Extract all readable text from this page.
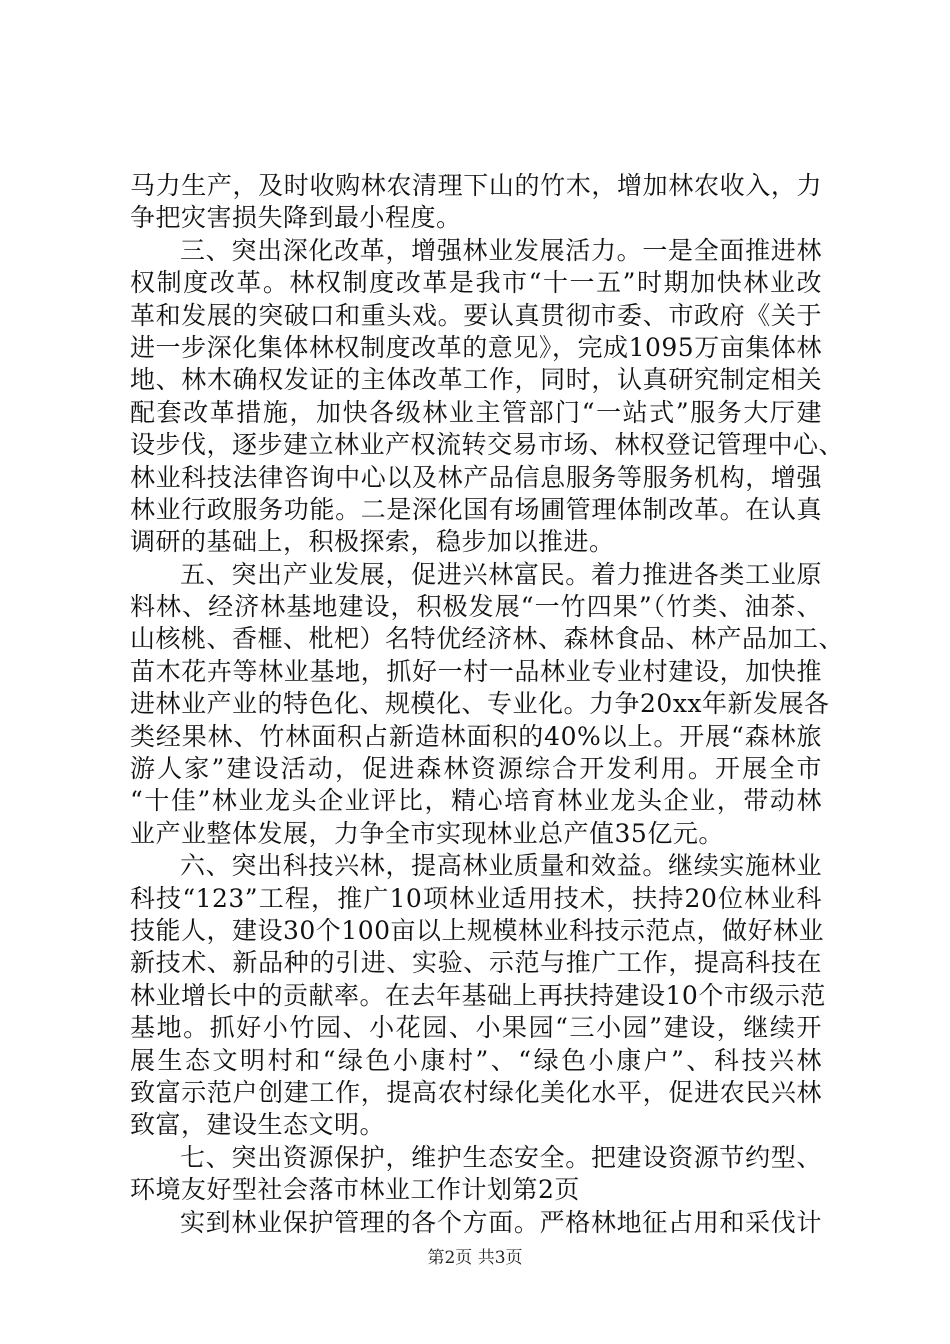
马力生产，及时收购林农清理下山的竹木，增加林农收入，力
争把灾害损失降到最小程度。
三、突出深化改革，增强林业发展活力。一是全面推进林
权制度改革。林权制度改革是我市“十一五”时期加快林业改
革和发展的突破口和重头戏。要认真贯彻市委、市政府《关于
进一步深化集体林权制度改革的意见》，完成1095万亩集体林
地、林木确权发证的主体改革工作，同时，认真研究制定相关
配套改革措施，加快各级林业主管部门“一站式”服务大厅建
设步伐，逐步建立林业产权流转交易市场、林权登记管理中心、
林业科技法律咨询中心以及林产品信息服务等服务机构，增强
林业行政服务功能。二是深化国有场圃管理体制改革。在认真
调研的基础上，积极探索，稳步加以推进。
五、突出产业发展，促进兴林富民。着力推进各类工业原
料林、经济林基地建设，积极发展“一竹四果”（竹类、油茶、
山核桃、香榧、枇杷）名特优经济林、森林食品、林产品加工、
苗木花卉等林业基地，抓好一村一品林业专业村建设，加快推
进林业产业的特色化、规模化、专业化。力争20xx年新发展各
类经果林、竹林面积占新造林面积的40%以上。开展“森林旅
游人家”建设活动，促进森林资源综合开发利用。开展全市
“十佳”林业龙头企业评比，精心培育林业龙头企业，带动林
业产业整体发展，力争全市实现林业总产值35亿元。
六、突出科技兴林，提高林业质量和效益。继续实施林业
科技“123”工程，推广10项林业适用技术，扶持20位林业科
技能人，建设30个100亩以上规模林业科技示范点，做好林业
新技术、新品种的引进、实验、示范与推广工作，提高科技在
林业增长中的贡献率。在去年基础上再扶持建设10个市级示范
基地。抓好小竹园、小花园、小果园“三小园”建设，继续开
展生态文明村和“绿色小康村”、“绿色小康户”、科技兴林
致富示范户创建工作，提高农村绿化美化水平，促进农民兴林
致富，建设生态文明。
七、突出资源保护，维护生态安全。把建设资源节约型、
环境友好型社会落市林业工作计划第2页
实到林业保护管理的各个方面。严格林地征占用和采伐计
第2页 共3页
